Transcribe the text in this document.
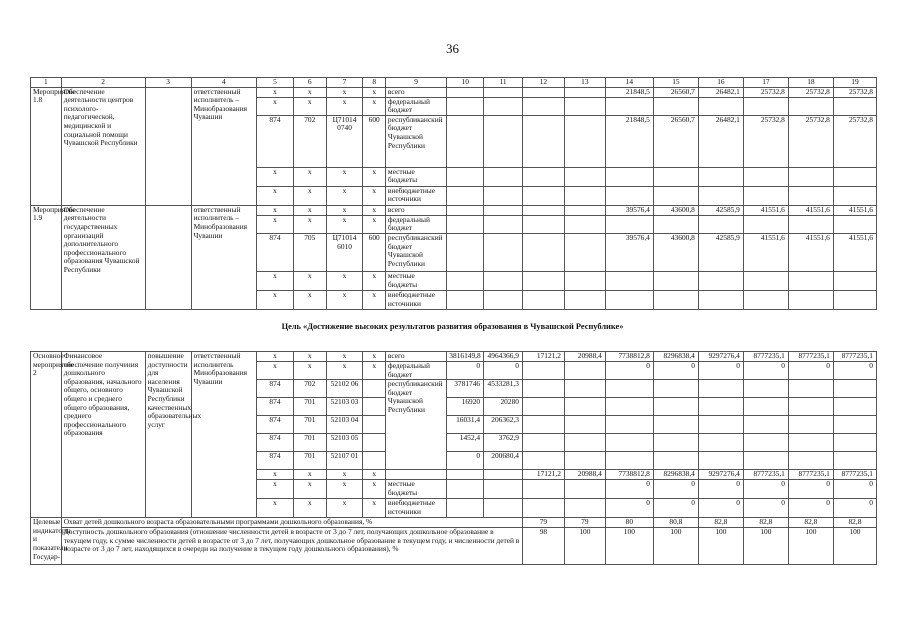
36
1	2	3	4	5	6	7	8	9	10	11	12	13	14	15	16	17	18	19
Мероприятие 1.8	Обеспечение деятельности центров психолого-педагогической, медицинской и социальной помощи Чувашской Республики		ответственный исполнитель – Минобразования Чувашии	x	x	x	x	всего					21848,5	26560,7	26482,1	25732,8	25732,8	25732,8
				x	x	x	x	федеральный бюджет										
				874	702	Ц71014 0740	600	республиканский бюджет Чувашской Республики					21848,5	26560,7	26482,1	25732,8	25732,8	25732,8
				x	x	x	x	местные бюджеты										
				x	x	x	x	внебюджетные источники										
Мероприятие 1.9	Обеспечение деятельности государственных организаций дополнительного профессионального образования Чувашской Республики		ответственный исполнитель – Минобразования Чувашии	x	x	x	x	всего					39576,4	43600,8	42585,9	41551,6	41551,6	41551,6
				x	x	x	x	федеральный бюджет										
				874	705	Ц71014 6010	600	республиканский бюджет Чувашской Республики					39576,4	43600,8	42585,9	41551,6	41551,6	41551,6
				x	x	x	x	местные бюджеты										
				x	x	x	x	внебюджетные источники										

Основное мероприятие 2	Финансовое обеспечение получения дошкольного образования, начального общего, основного общего и среднего общего образования, среднего профессионального образования	повышение доступности для населения Чувашской Республики качественных образовательных услуг	ответственный исполнитель Минобразования Чувашии	x	x	x	x	всего	3816149,8	4964366,9	17121,2	20988,4	7738812,8	8296838,4	9297276,4	8777235,1	8777235,1	8777235,1
				x	x	x	x	федеральный бюджет	0	0			0	0	0	0	0	0
				874	702	52102 06		республиканский бюджет Чувашской Республики	3781746	4533281,3								
				874	701	52103 03			16920	20280								
				874	701	52103 04			16031,4	206362,3								
				874	701	52103 05			1452,4	3762,9								
				874	701	52107 01			0	200680,4								
				x	x	x	x				17121,2	20988,4	7738812,8	8296838,4	9297276,4	8777235,1	8777235,1	8777235,1
				x	x	x	x	местные бюджеты					0	0	0	0	0	0
				x	x	x	x	внебюджетные источники					0	0	0	0	0	0
Целевые индикаторы и показатели Государ-	Охват детей дошкольного возраста образовательными программами дошкольного образования, %										79	79	80	80,8	82,8	82,8	82,8	82,8
	Доступность дошкольного образования (отношение численности детей в возрасте от 3 до 7 лет, получающих дошкольное образование в текущем году, к сумме численности детей в возрасте от 3 до 7 лет, получающих дошкольное образование в текущем году, и численности детей в возрасте от 3 до 7 лет, находящихся в очереди на получение в текущем году дошкольного образования), %										98	100	100	100	100	100	100	100
Цель «Достижение высоких результатов развития образования в Чувашской Республике»
